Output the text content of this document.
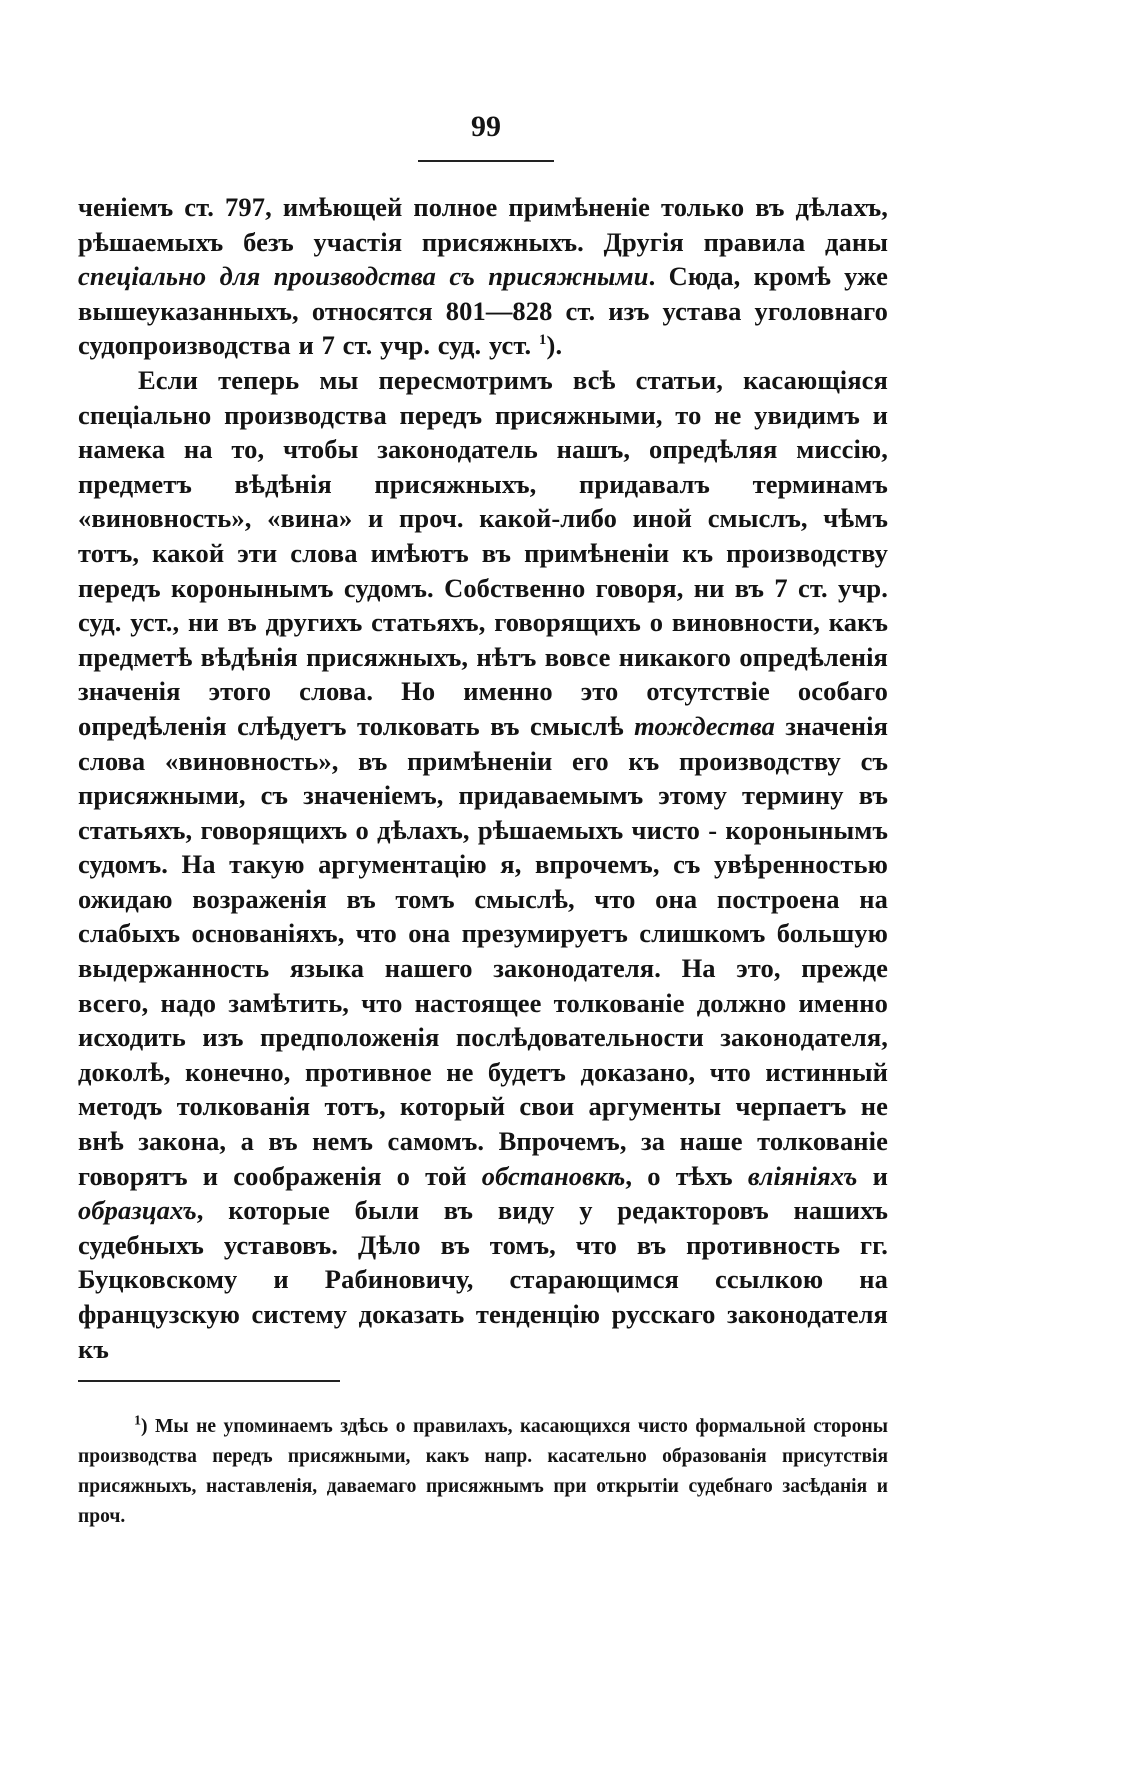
99

ченіемъ ст. 797, имѣющей полное примѣненіе только въ дѣлахъ, рѣшаемыхъ безъ участія присяжныхъ. Другія правила даны спеціально для производства съ присяжными. Сюда, кромѣ уже вышеуказанныхъ, относятся 801—828 ст. изъ устава уголовнаго судопроизводства и 7 ст. учр. суд. уст. $^1$).

Если теперь мы пересмотримъ всѣ статьи, касающіяся спеціально производства передъ присяжными, то не увидимъ и намека на то, чтобы законодатель нашъ, опредѣляя миссію, предметъ вѣдѣнія присяжныхъ, придавалъ терминамъ «виновность», «вина» и проч. какой-либо иной смыслъ, чѣмъ тотъ, какой эти слова имѣютъ въ примѣненіи къ производству передъ коронынымъ судомъ. Собственно говоря, ни въ 7 ст. учр. суд. уст., ни въ другихъ статьяхъ, говорящихъ о виновности, какъ предметѣ вѣдѣнія присяжныхъ, нѣтъ вовсе никакого опредѣленія значенія этого слова. Но именно это отсутствіе особаго опредѣленія слѣдуетъ толковать въ смыслѣ тождества значенія слова «виновность», въ примѣненіи его къ производству съ присяжными, съ значеніемъ, придаваемымъ этому термину въ статьяхъ, говорящихъ о дѣлахъ, рѣшаемыхъ чисто - коронынымъ судомъ. На такую аргументацію я, впрочемъ, съ увѣренностью ожидаю возраженія въ томъ смыслѣ, что она построена на слабыхъ основаніяхъ, что она презумируетъ слишкомъ большую выдержанность языка нашего законодателя. На это, прежде всего, надо замѣтить, что настоящее толкованіе должно именно исходить изъ предположенія послѣдовательности законодателя, доколѣ, конечно, противное не будетъ доказано, что истинный методъ толкованія тотъ, который свои аргументы черпаетъ не внѣ закона, а въ немъ самомъ. Впрочемъ, за наше толкованіе говорятъ и соображенія о той обстановкѣ, о тѣхъ вліяніяхъ и образцахъ, которые были въ виду у редакторовъ нашихъ судебныхъ уставовъ. Дѣло въ томъ, что въ противность гг. Буцковскому и Рабиновичу, старающимся ссылкою на французскую систему доказать тенденцію русскаго законодателя къ

$^1$) Мы не упоминаемъ здѣсь о правилахъ, касающихся чисто формальной стороны производства передъ присяжными, какъ напр. касательно образованія присутствія присяжныхъ, наставленія, даваемаго присяжнымъ при открытіи судебнаго засѣданія и проч.
